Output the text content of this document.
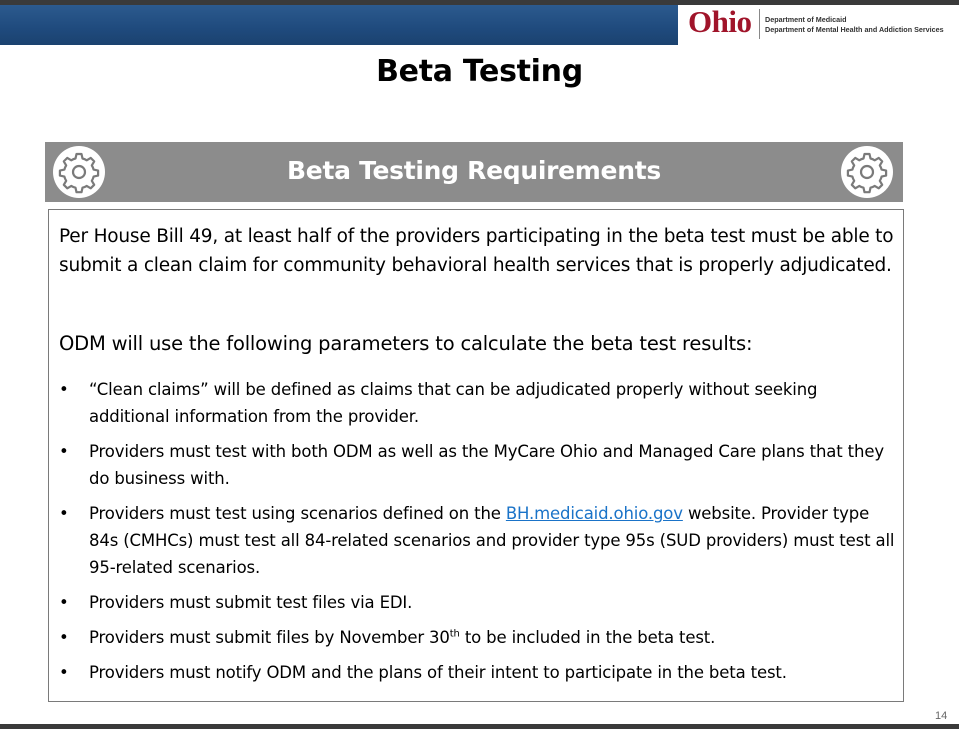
Ohio Department of Medicaid
Department of Mental Health and Addiction Services
Beta Testing
Beta Testing Requirements

Per House Bill 49, at least half of the providers participating in the beta test must be able to submit a clean claim for community behavioral health services that is properly adjudicated.

ODM will use the following parameters to calculate the beta test results:

•	“Clean claims” will be defined as claims that can be adjudicated properly without seeking additional information from the provider.
•	Providers must test with both ODM as well as the MyCare Ohio and Managed Care plans that they do business with.
•	Providers must test using scenarios defined on the BH.medicaid.ohio.gov website. Provider type 84s (CMHCs) must test all 84-related scenarios and provider type 95s (SUD providers) must test all 95-related scenarios.
•	Providers must submit test files via EDI.
•	Providers must submit files by November 30th to be included in the beta test.
•	Providers must notify ODM and the plans of their intent to participate in the beta test.
14
